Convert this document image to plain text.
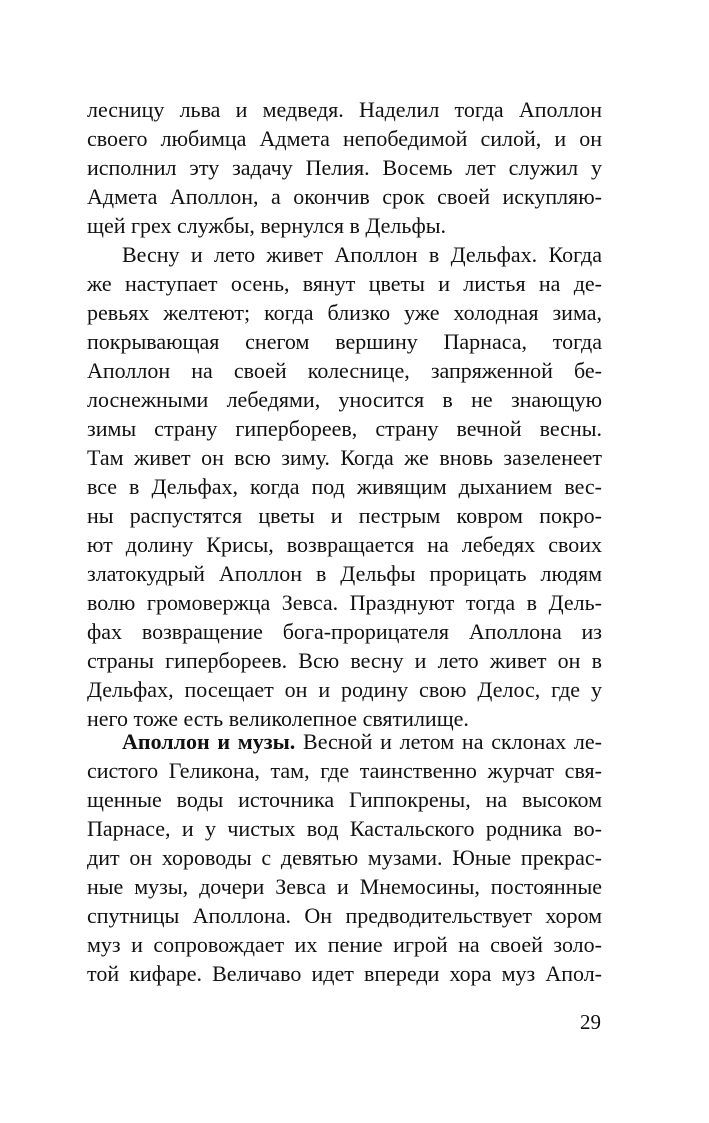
лесницу льва и медведя. Наделил тогда Аполлон
своего любимца Адмета непобедимой силой, и он
исполнил эту задачу Пелия. Восемь лет служил у
Адмета Аполлон, а окончив срок своей искупляю-
щей грех службы, вернулся в Дельфы.
Весну и лето живет Аполлон в Дельфах. Когда
же наступает осень, вянут цветы и листья на де-
ревьях желтеют; когда близко уже холодная зима,
покрывающая снегом вершину Парнаса, тогда
Аполлон на своей колеснице, запряженной бе-
лоснежными лебедями, уносится в не знающую
зимы страну гипербореев, страну вечной весны.
Там живет он всю зиму. Когда же вновь зазеленеет
все в Дельфах, когда под живящим дыханием вес-
ны распустятся цветы и пестрым ковром покро-
ют долину Крисы, возвращается на лебедях своих
златокудрый Аполлон в Дельфы прорицать людям
волю громовержца Зевса. Празднуют тогда в Дель-
фах возвращение бога-прорицателя Аполлона из
страны гипербореев. Всю весну и лето живет он в
Дельфах, посещает он и родину свою Делос, где у
него тоже есть великолепное святилище.
Аполлон и музы. Весной и летом на склонах ле-
систого Геликона, там, где таинственно журчат свя-
щенные воды источника Гиппокрены, на высоком
Парнасе, и у чистых вод Кастальского родника во-
дит он хороводы с девятью музами. Юные прекрас-
ные музы, дочери Зевса и Мнемосины, постоянные
спутницы Аполлона. Он предводительствует хором
муз и сопровождает их пение игрой на своей золо-
той кифаре. Величаво идет впереди хора муз Апол-
29
